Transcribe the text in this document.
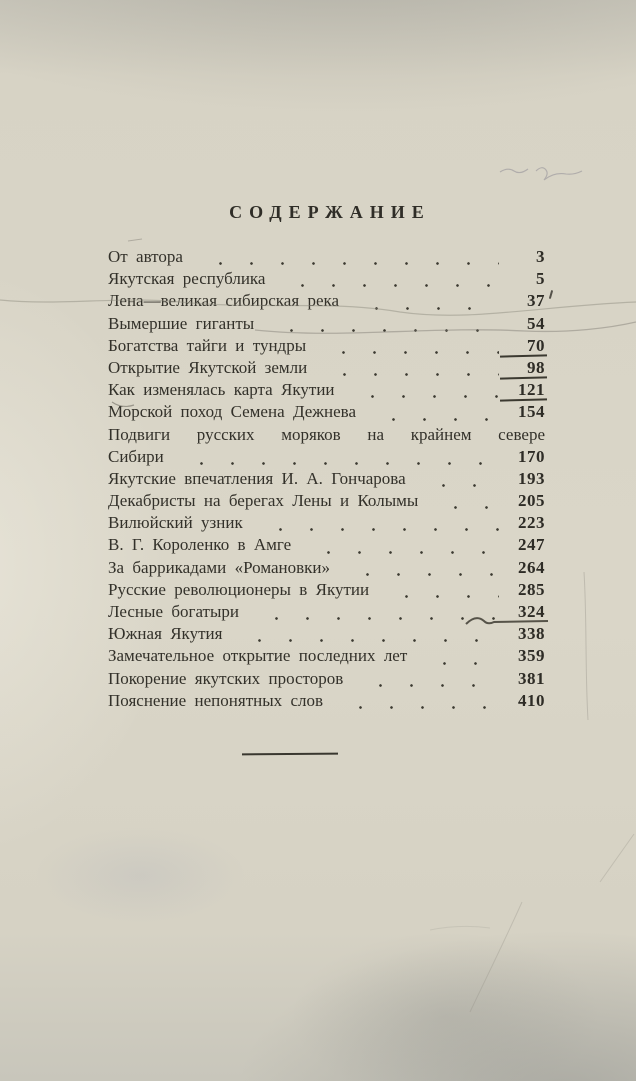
СОДЕРЖАНИЕ
От автора	3
Якутская республика	5
Лена—великая сибирская река	37
Вымершие гиганты	54
Богатства тайги и тундры	70
Открытие Якутской земли	98
Как изменялась карта Якутии	121
Морской поход Семена Дежнева	154
Подвиги русских моряков на крайнем севере
Сибири	170
Якутские впечатления И. А. Гончарова	193
Декабристы на берегах Лены и Колымы	205
Вилюйский узник	223
В. Г. Короленко в Амге	247
За баррикадами «Романовки»	264
Русские революционеры в Якутии	285
Лесные богатыри	324
Южная Якутия	338
Замечательное открытие последних лет	359
Покорение якутских просторов	381
Пояснение непонятных слов	410
